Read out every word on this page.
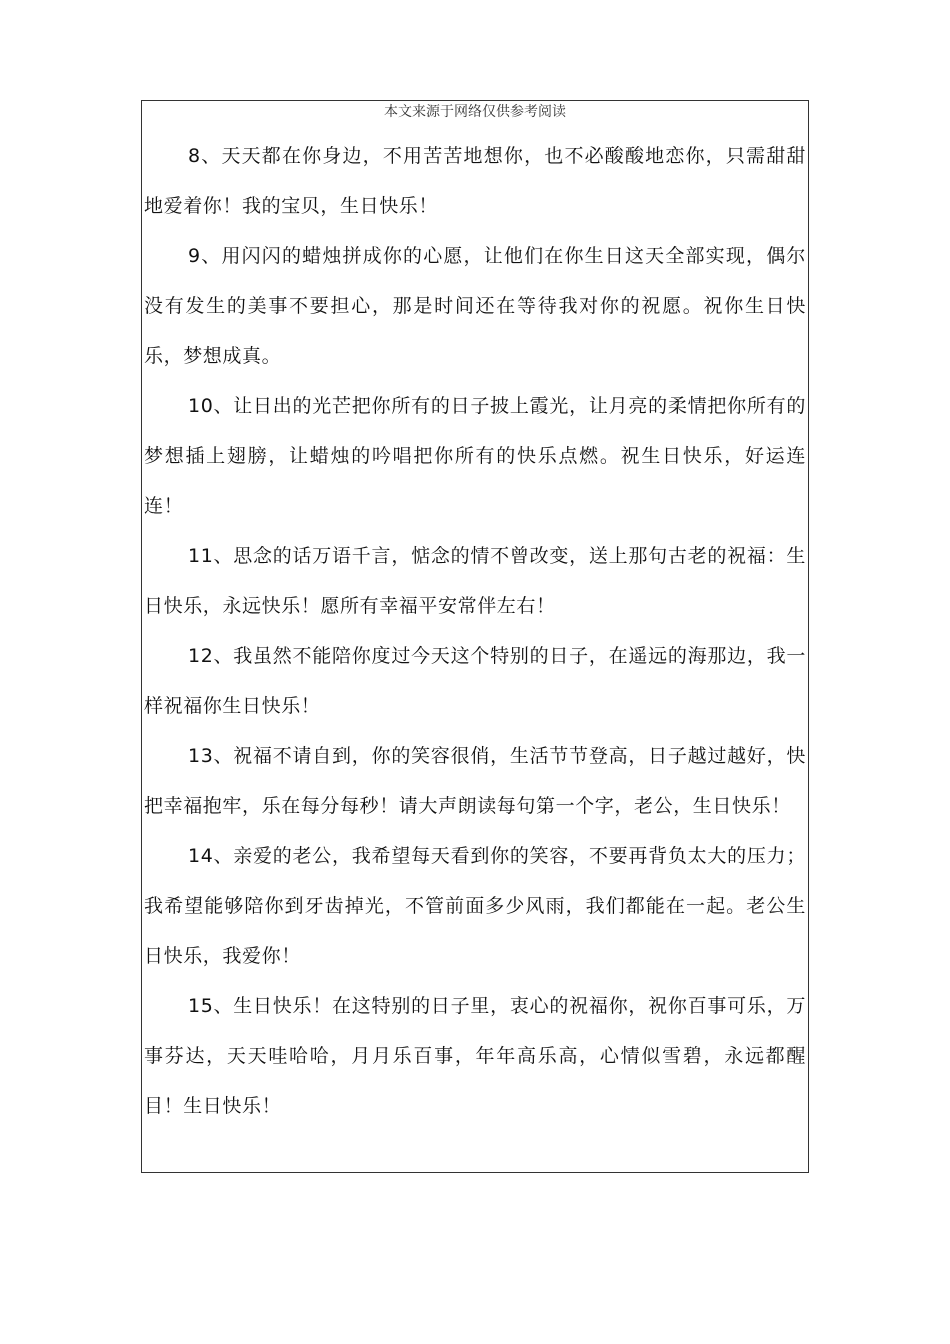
本文来源于网络仅供参考阅读

8、天天都在你身边，不用苦苦地想你，也不必酸酸地恋你，只需甜甜地爱着你！我的宝贝，生日快乐！

9、用闪闪的蜡烛拼成你的心愿，让他们在你生日这天全部实现，偶尔没有发生的美事不要担心，那是时间还在等待我对你的祝愿。祝你生日快乐，梦想成真。

10、让日出的光芒把你所有的日子披上霞光，让月亮的柔情把你所有的梦想插上翅膀，让蜡烛的吟唱把你所有的快乐点燃。祝生日快乐，好运连连！

11、思念的话万语千言，惦念的情不曾改变，送上那句古老的祝福：生日快乐，永远快乐！愿所有幸福平安常伴左右！

12、我虽然不能陪你度过今天这个特别的日子，在遥远的海那边，我一样祝福你生日快乐！

13、祝福不请自到，你的笑容很俏，生活节节登高，日子越过越好，快把幸福抱牢，乐在每分每秒！请大声朗读每句第一个字，老公，生日快乐！

14、亲爱的老公，我希望每天看到你的笑容，不要再背负太大的压力；我希望能够陪你到牙齿掉光，不管前面多少风雨，我们都能在一起。老公生日快乐，我爱你！

15、生日快乐！在这特别的日子里，衷心的祝福你，祝你百事可乐，万事芬达，天天哇哈哈，月月乐百事，年年高乐高，心情似雪碧，永远都醒目！生日快乐！
